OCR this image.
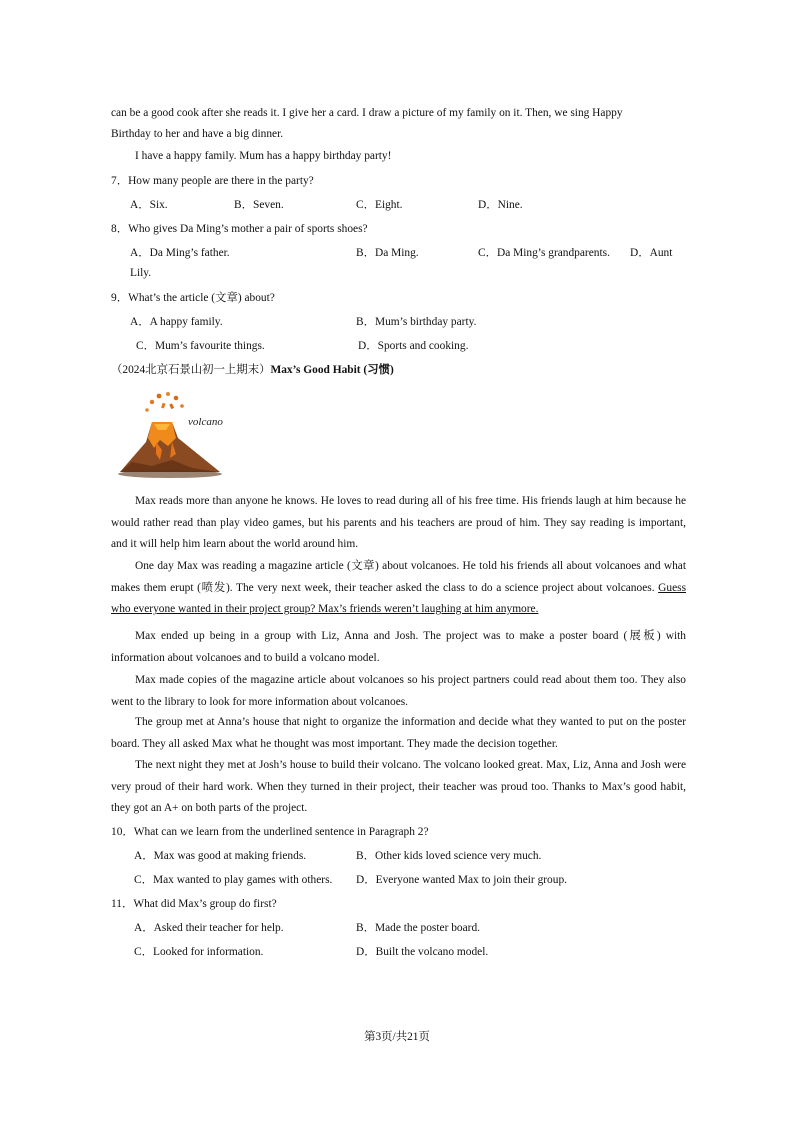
can be a good cook after she reads it. I give her a card. I draw a picture of my family on it. Then, we sing Happy
Birthday to her and have a big dinner.
I have a happy family. Mum has a happy birthday party!
7．How many people are there in the party?
A．Six.	B．Seven.	C．Eight.	D．Nine.
8．Who gives Da Ming’s mother a pair of sports shoes?
A．Da Ming’s father.	B．Da Ming.	C．Da Ming’s grandparents. D．Aunt
Lily.
9．What’s the article (文章) about?
A．A happy family.	B．Mum’s birthday party.
C．Mum’s favourite things.	D．Sports and cooking.
（2024北京石景山初一上期末）Max’s Good Habit (习惯)
volcano
Max reads more than anyone he knows. He loves to read during all of his free time. His friends laugh at him because he would rather read than play video games, but his parents and his teachers are proud of him. They say reading is important, and it will help him learn about the world around him.
One day Max was reading a magazine article (文章) about volcanoes. He told his friends all about volcanoes and what makes them erupt (喷发). The very next week, their teacher asked the class to do a science project about volcanoes. Guess who everyone wanted in their project group? Max’s friends weren’t laughing at him anymore.
Max ended up being in a group with Liz, Anna and Josh. The project was to make a poster board (展板) with information about volcanoes and to build a volcano model.
Max made copies of the magazine article about volcanoes so his project partners could read about them too. They also went to the library to look for more information about volcanoes.
The group met at Anna’s house that night to organize the information and decide what they wanted to put on the poster board. They all asked Max what he thought was most important. They made the decision together.
The next night they met at Josh’s house to build their volcano. The volcano looked great. Max, Liz, Anna and Josh were very proud of their hard work. When they turned in their project, their teacher was proud too. Thanks to Max’s good habit, they got an A+ on both parts of the project.
10．What can we learn from the underlined sentence in Paragraph 2?
A．Max was good at making friends.	B．Other kids loved science very much.
C．Max wanted to play games with others. D．Everyone wanted Max to join their group.
11．What did Max’s group do first?
A．Asked their teacher for help.	B．Made the poster board.
C．Looked for information.	D．Built the volcano model.
第3页/共21页
